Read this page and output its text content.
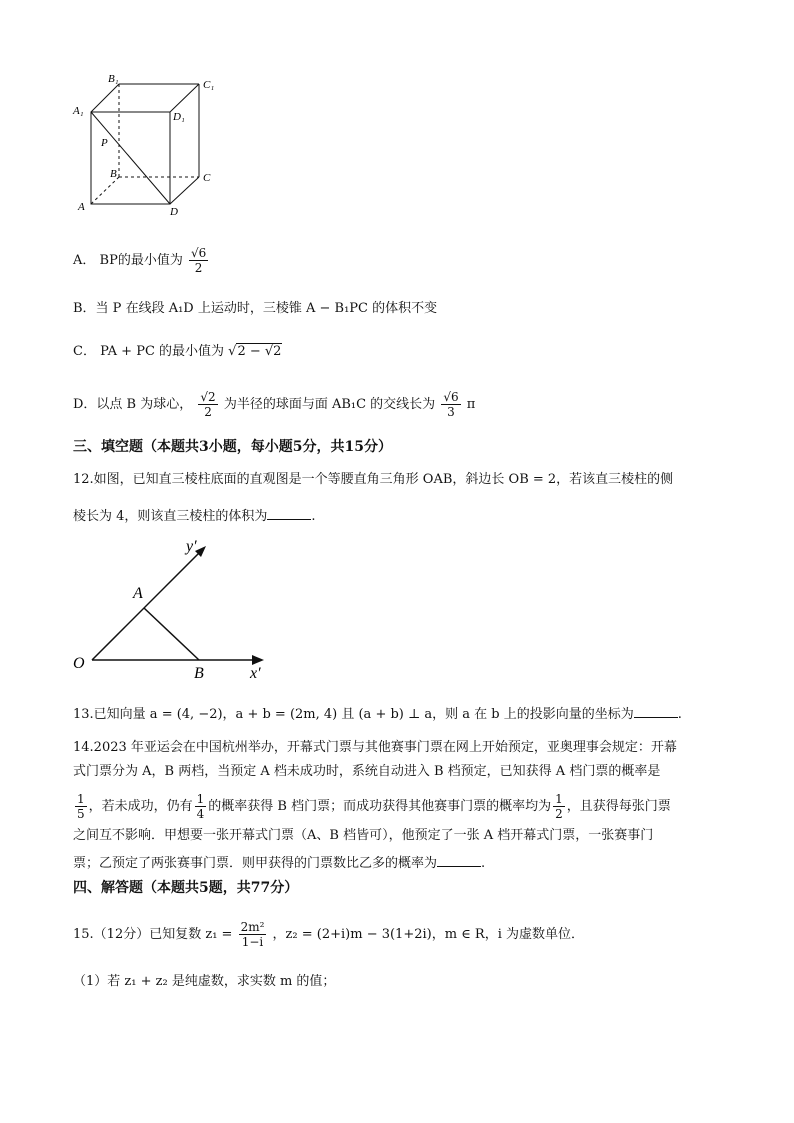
B₁	C₁
A₁	D₁
P
B	C
A	D
A． BP的最小值为 $\frac{√6}{2}$
B．当 P 在线段 A₁D 上运动时，三棱锥 A − B₁PC 的体积不变
C． PA + PC 的最小值为 √2 − √2
D．以点 B 为球心， $\frac{√2}{2}$ 为半径的球面与面 AB₁C 的交线长为 $\frac{√6}{3}$ π
三、填空题（本题共3小题，每小题5分，共15分）
12.如图，已知直三棱柱底面的直观图是一个等腰直角三角形 OAB，斜边长 OB = 2，若该直三棱柱的侧
棱长为 4，则该直三棱柱的体积为	.
y′
x′
A
O
B
13.已知向量 a = (4, −2)，a + b = (2m, 4) 且 (a + b) ⊥ a，则 a 在 b 上的投影向量的坐标为	.
14.2023 年亚运会在中国杭州举办，开幕式门票与其他赛事门票在网上开始预定，亚奥理事会规定：开幕
式门票分为 A，B 两档，当预定 A 档未成功时，系统自动进入 B 档预定，已知获得 A 档门票的概率是
$\frac{1}{5}$ ，若未成功，仍有 $\frac{1}{4}$ 的概率获得 B 档门票；而成功获得其他赛事门票的概率均为 $\frac{1}{2}$ ，且获得每张门票
之间互不影响．甲想要一张开幕式门票（A、B 档皆可），他预定了一张 A 档开幕式门票，一张赛事门
票；乙预定了两张赛事门票．则甲获得的门票数比乙多的概率为	.
四、解答题（本题共5题，共77分）
15.（12分）已知复数 $z_1 = \frac{\text{2m²}}{1-i}$ ，z₂ = (2+i)m − 3(1+2i)，m ∈ R，i 为虚数单位．
（1）若 z₁ + z₂ 是纯虚数，求实数 m 的值；
